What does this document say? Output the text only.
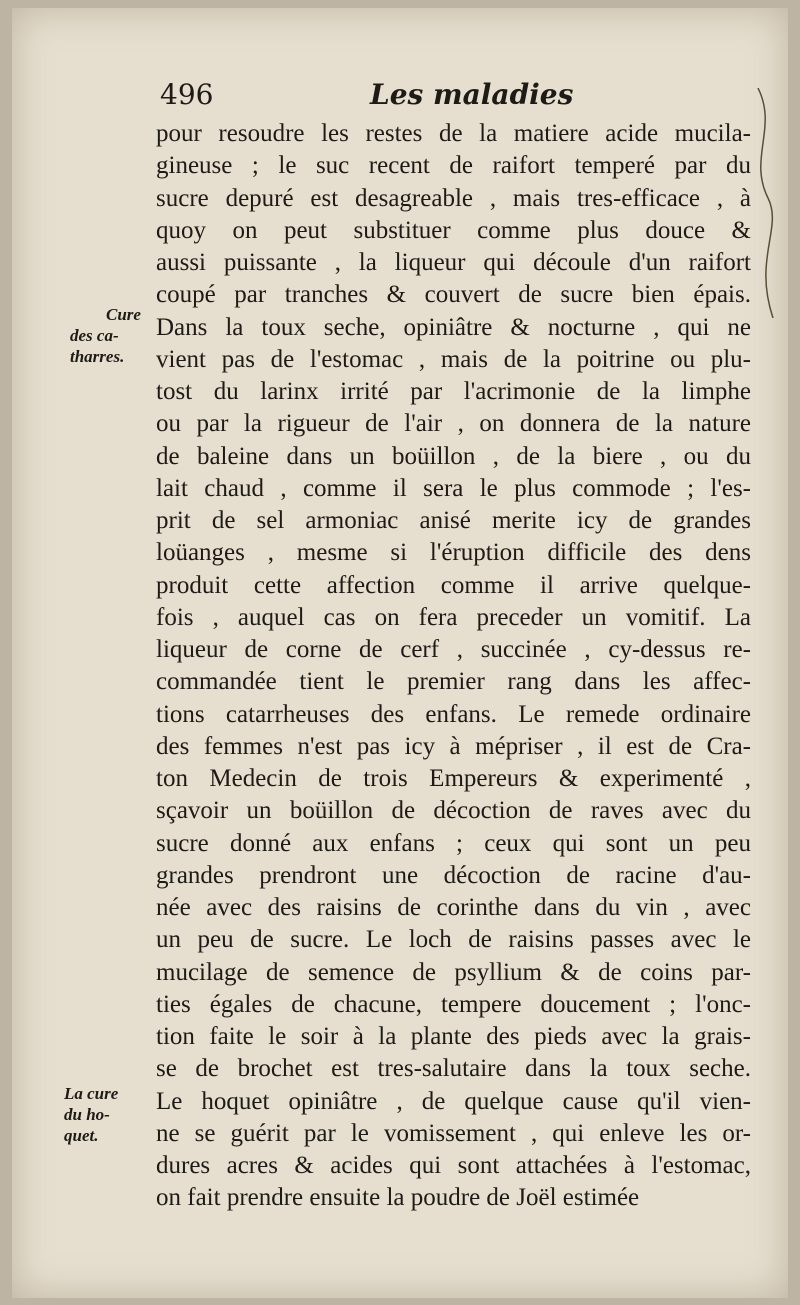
496	Les maladies
Cure
des ca-
tharres.
La cure
du ho-
quet.
pour resoudre les restes de la matiere acide mucila-
gineuse ; le suc recent de raifort temperé par du
sucre depuré est desagreable , mais tres-efficace , à
quoy on peut substituer comme plus douce &
aussi puissante , la liqueur qui découle d'un raifort
coupé par tranches & couvert de sucre bien épais.
Dans la toux seche, opiniâtre & nocturne , qui ne
vient pas de l'estomac , mais de la poitrine ou plu-
tost du larinx irrité par l'acrimonie de la limphe
ou par la rigueur de l'air , on donnera de la nature
de baleine dans un boüillon , de la biere , ou du
lait chaud , comme il sera le plus commode ; l'es-
prit de sel armoniac anisé merite icy de grandes
loüanges , mesme si l'éruption difficile des dens
produit cette affection comme il arrive quelque-
fois , auquel cas on fera preceder un vomitif. La
liqueur de corne de cerf , succinée , cy-dessus re-
commandée tient le premier rang dans les affec-
tions catarrheuses des enfans. Le remede ordinaire
des femmes n'est pas icy à mépriser , il est de Cra-
ton Medecin de trois Empereurs & experimenté ,
sçavoir un boüillon de décoction de raves avec du
sucre donné aux enfans ; ceux qui sont un peu
grandes prendront une décoction de racine d'au-
née avec des raisins de corinthe dans du vin , avec
un peu de sucre. Le loch de raisins passes avec le
mucilage de semence de psyllium & de coins par-
ties égales de chacune, tempere doucement ; l'onc-
tion faite le soir à la plante des pieds avec la grais-
se de brochet est tres-salutaire dans la toux seche.
Le hoquet opiniâtre , de quelque cause qu'il vien-
ne se guérit par le vomissement , qui enleve les or-
dures acres & acides qui sont attachées à l'estomac,
on fait prendre ensuite la poudre de Joël estimée
